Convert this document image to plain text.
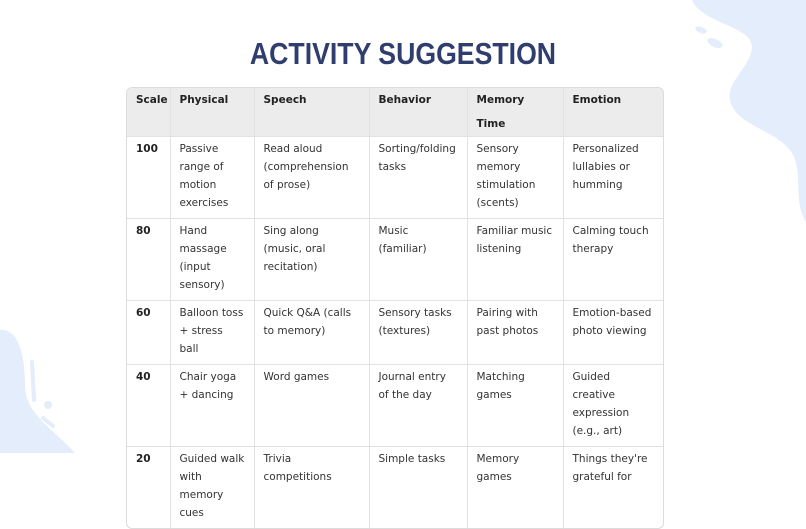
ACTIVITY SUGGESTION
Scale	Physical	Speech	Behavior	Memory Time	Emotion
100	Passive range of motion exercises	Read aloud (comprehension of prose)	Sorting/folding tasks	Sensory memory stimulation (scents)	Personalized lullabies or humming
80	Hand massage (input sensory)	Sing along (music, oral recitation)	Music (familiar)	Familiar music listening	Calming touch therapy
60	Balloon toss + stress ball	Quick Q&A (calls to memory)	Sensory tasks (textures)	Pairing with past photos	Emotion-based photo viewing
40	Chair yoga + dancing	Word games	Journal entry of the day	Matching games	Guided creative expression (e.g., art)
20	Guided walk with memory cues	Trivia competitions	Simple tasks	Memory games	Things they're grateful for
